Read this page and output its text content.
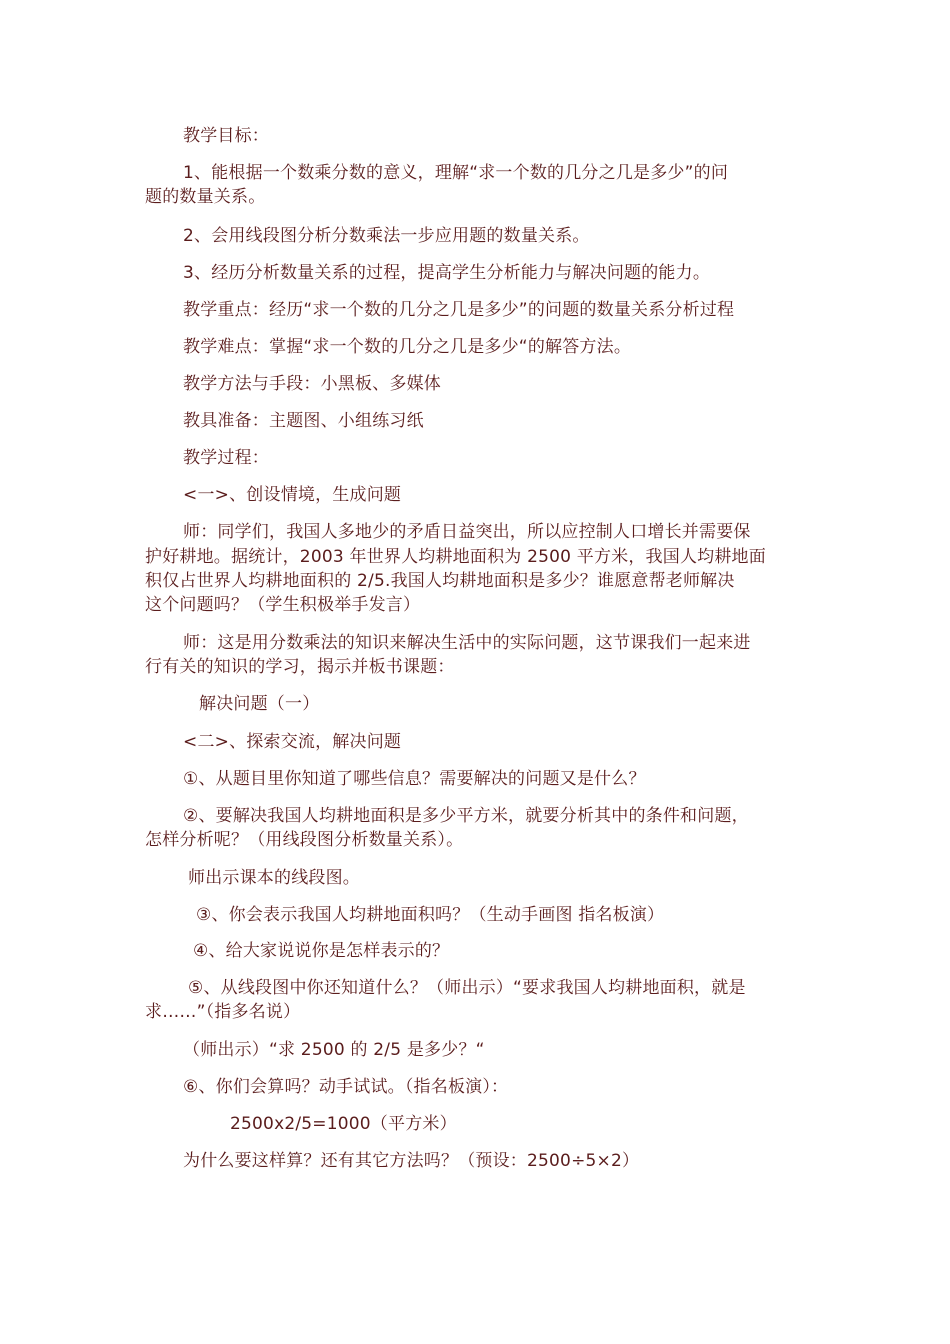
教学目标：
1、能根据一个数乘分数的意义，理解“求一个数的几分之几是多少”的问
题的数量关系。
2、会用线段图分析分数乘法一步应用题的数量关系。
3、经历分析数量关系的过程，提高学生分析能力与解决问题的能力。
教学重点：经历“求一个数的几分之几是多少”的问题的数量关系分析过程
教学难点：掌握“求一个数的几分之几是多少“的解答方法。
教学方法与手段：小黑板、多媒体
教具准备：主题图、小组练习纸
教学过程：
<一>、创设情境，生成问题
师：同学们，我国人多地少的矛盾日益突出，所以应控制人口增长并需要保
护好耕地。据统计，2003 年世界人均耕地面积为 2500 平方米，我国人均耕地面
积仅占世界人均耕地面积的 2/5.我国人均耕地面积是多少？谁愿意帮老师解决
这个问题吗？（学生积极举手发言）
师：这是用分数乘法的知识来解决生活中的实际问题，这节课我们一起来进
行有关的知识的学习，揭示并板书课题：
解决问题（一）
<二>、探索交流，解决问题
①、从题目里你知道了哪些信息？需要解决的问题又是什么？
②、要解决我国人均耕地面积是多少平方米，就要分析其中的条件和问题，
怎样分析呢？（用线段图分析数量关系）。
师出示课本的线段图。
③、你会表示我国人均耕地面积吗？（生动手画图 指名板演）
④、给大家说说你是怎样表示的？
⑤、从线段图中你还知道什么？（师出示）“要求我国人均耕地面积，就是
求……”（指多名说）
（师出示）“求 2500 的 2/5 是多少？“
⑥、你们会算吗？动手试试。（指名板演）：
2500x2/5=1000（平方米）
为什么要这样算？还有其它方法吗？（预设：2500÷5×2）
